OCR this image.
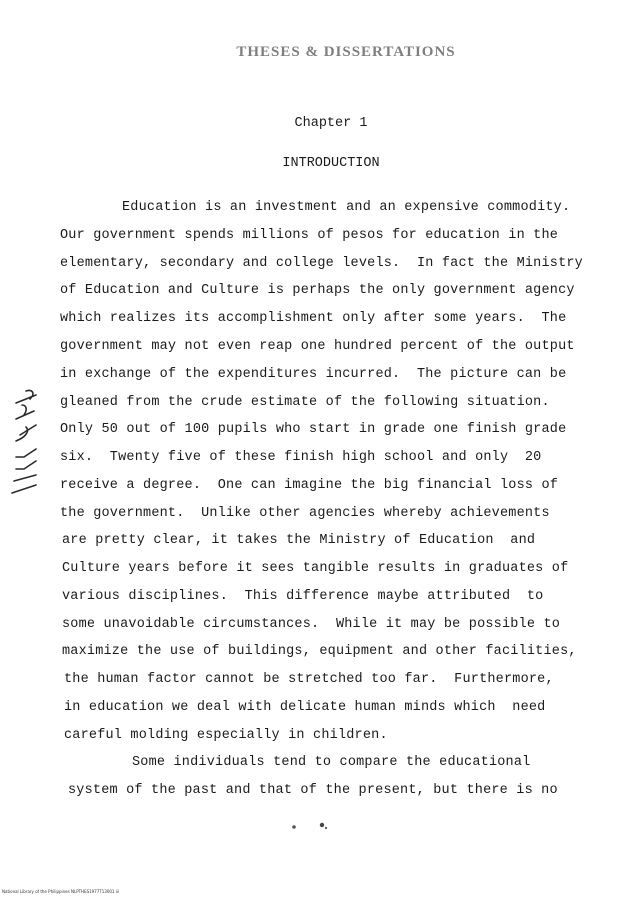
THESES & DISSERTATIONS
Chapter 1
INTRODUCTION
Education is an investment and an expensive commodity.
Our government spends millions of pesos for education in the
elementary, secondary and college levels.  In fact the Ministry
of Education and Culture is perhaps the only government agency
which realizes its accomplishment only after some years.  The
government may not even reap one hundred percent of the output
in exchange of the expenditures incurred.  The picture can be
gleaned from the crude estimate of the following situation.
Only 50 out of 100 pupils who start in grade one finish grade
six.  Twenty five of these finish high school and only  20
receive a degree.  One can imagine the big financial loss of
the government.  Unlike other agencies whereby achievements
are pretty clear, it takes the Ministry of Education  and
Culture years before it sees tangible results in graduates of
various disciplines.  This difference maybe attributed  to
some unavoidable circumstances.  While it may be possible to
maximize the use of buildings, equipment and other facilities,
the human factor cannot be stretched too far.  Furthermore,
in education we deal with delicate human minds which  need
careful molding especially in children.
Some individuals tend to compare the educational
system of the past and that of the present, but there is no
National Library of the Philippines NLPTHES1977T13001 iii
